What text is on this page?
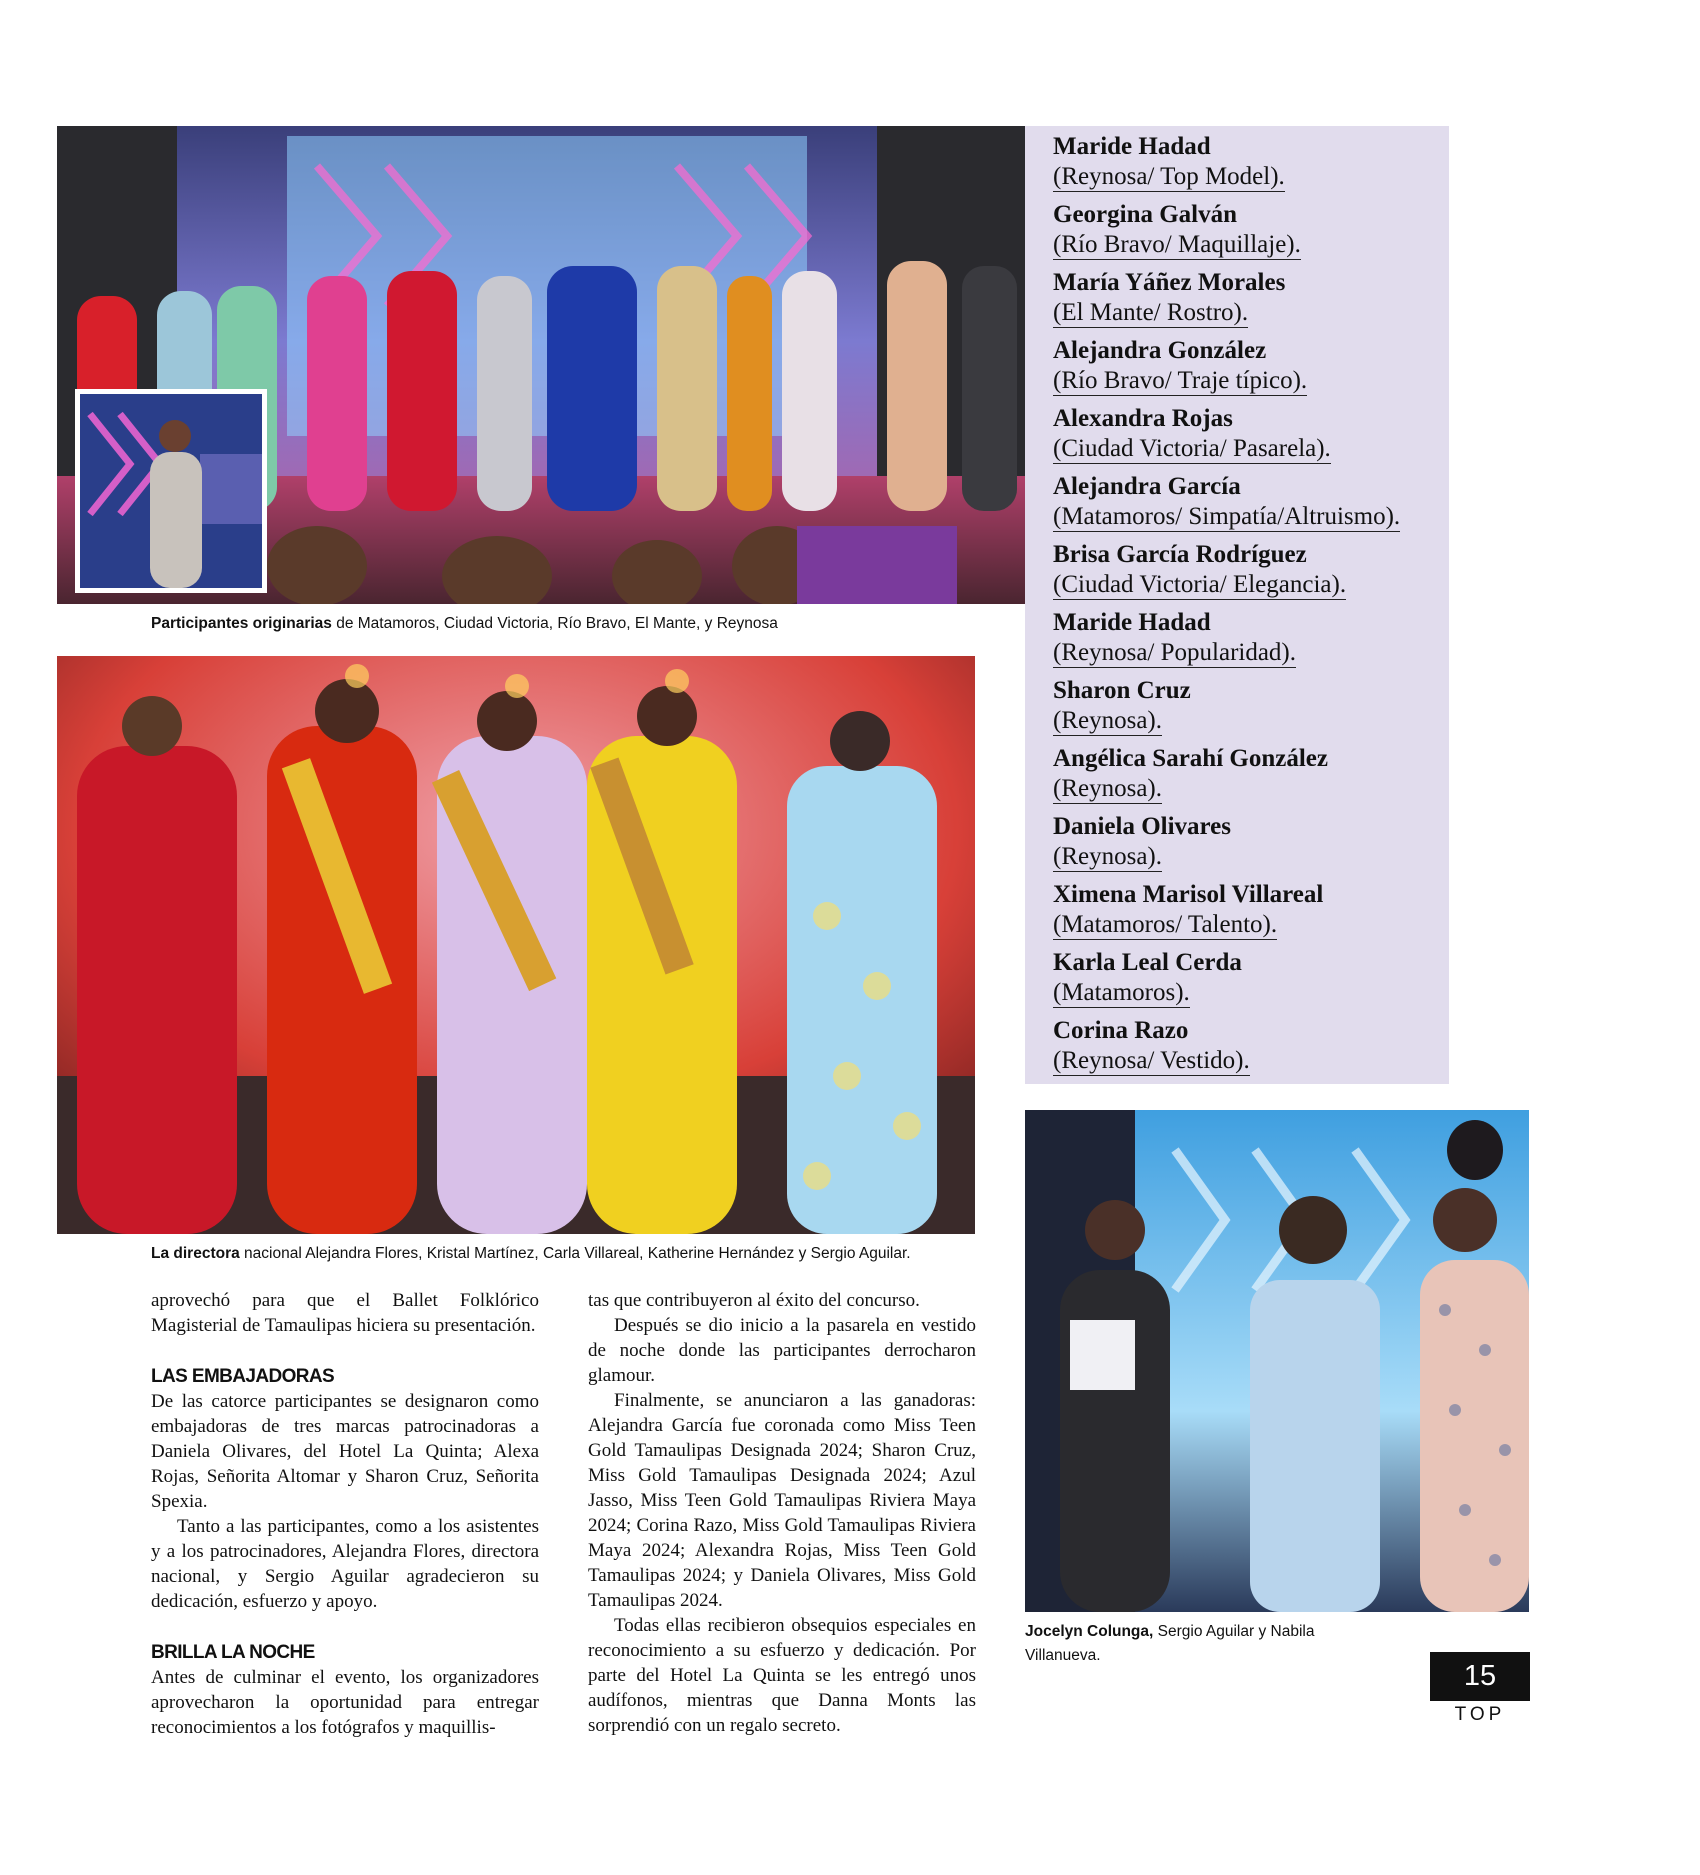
Participantes originarias de Matamoros, Ciudad Victoria, Río Bravo, El Mante, y Reynosa
La directora nacional Alejandra Flores, Kristal Martínez, Carla Villareal, Katherine Hernández y Sergio Aguilar.
Maride Hadad
(Reynosa/ Top Model).
Georgina Galván
(Río Bravo/ Maquillaje).
María Yáñez Morales
(El Mante/ Rostro).
Alejandra González
(Río Bravo/ Traje típico).
Alexandra Rojas
(Ciudad Victoria/ Pasarela).
Alejandra García
(Matamoros/ Simpatía/Altruismo).
Brisa García Rodríguez
(Ciudad Victoria/ Elegancia).
Maride Hadad
(Reynosa/ Popularidad).
Sharon Cruz
(Reynosa).
Angélica Sarahí González
(Reynosa).
Daniela Olivares
(Reynosa).
Ximena Marisol Villareal
(Matamoros/ Talento).
Karla Leal Cerda
(Matamoros).
Corina Razo
(Reynosa/ Vestido).
Jocelyn Colunga, Sergio Aguilar y Nabila Villanueva.

aprovechó para que el Ballet Folklórico Magisterial de Tamaulipas hiciera su presentación.

LAS EMBAJADORAS

De las catorce participantes se designaron como embajadoras de tres marcas patrocinadoras a Daniela Olivares, del Hotel La Quinta; Alexa Rojas, Señorita Altomar y Sharon Cruz, Señorita Spexia.

Tanto a las participantes, como a los asistentes y a los patrocinadores, Alejandra Flores, directora nacional, y Sergio Aguilar agradecieron su dedicación, esfuerzo y apoyo.

BRILLA LA NOCHE

Antes de culminar el evento, los organizadores aprovecharon la oportunidad para entregar reconocimientos a los fotógrafos y maquillis-

tas que contribuyeron al éxito del concurso.

Después se dio inicio a la pasarela en vestido de noche donde las participantes derrocharon glamour.

Finalmente, se anunciaron a las ganadoras: Alejandra García fue coronada como Miss Teen Gold Tamaulipas Designada 2024; Sharon Cruz, Miss Gold Tamaulipas Designada 2024; Azul Jasso, Miss Teen Gold Tamaulipas Riviera Maya 2024; Corina Razo, Miss Gold Tamaulipas Riviera Maya 2024; Alexandra Rojas, Miss Teen Gold Tamaulipas 2024; y Daniela Olivares, Miss Gold Tamaulipas 2024.

Todas ellas recibieron obsequios especiales en reconocimiento a su esfuerzo y dedicación. Por parte del Hotel La Quinta se les entregó unos audífonos, mientras que Danna Monts las sorprendió con un regalo secreto.

15
TOP
